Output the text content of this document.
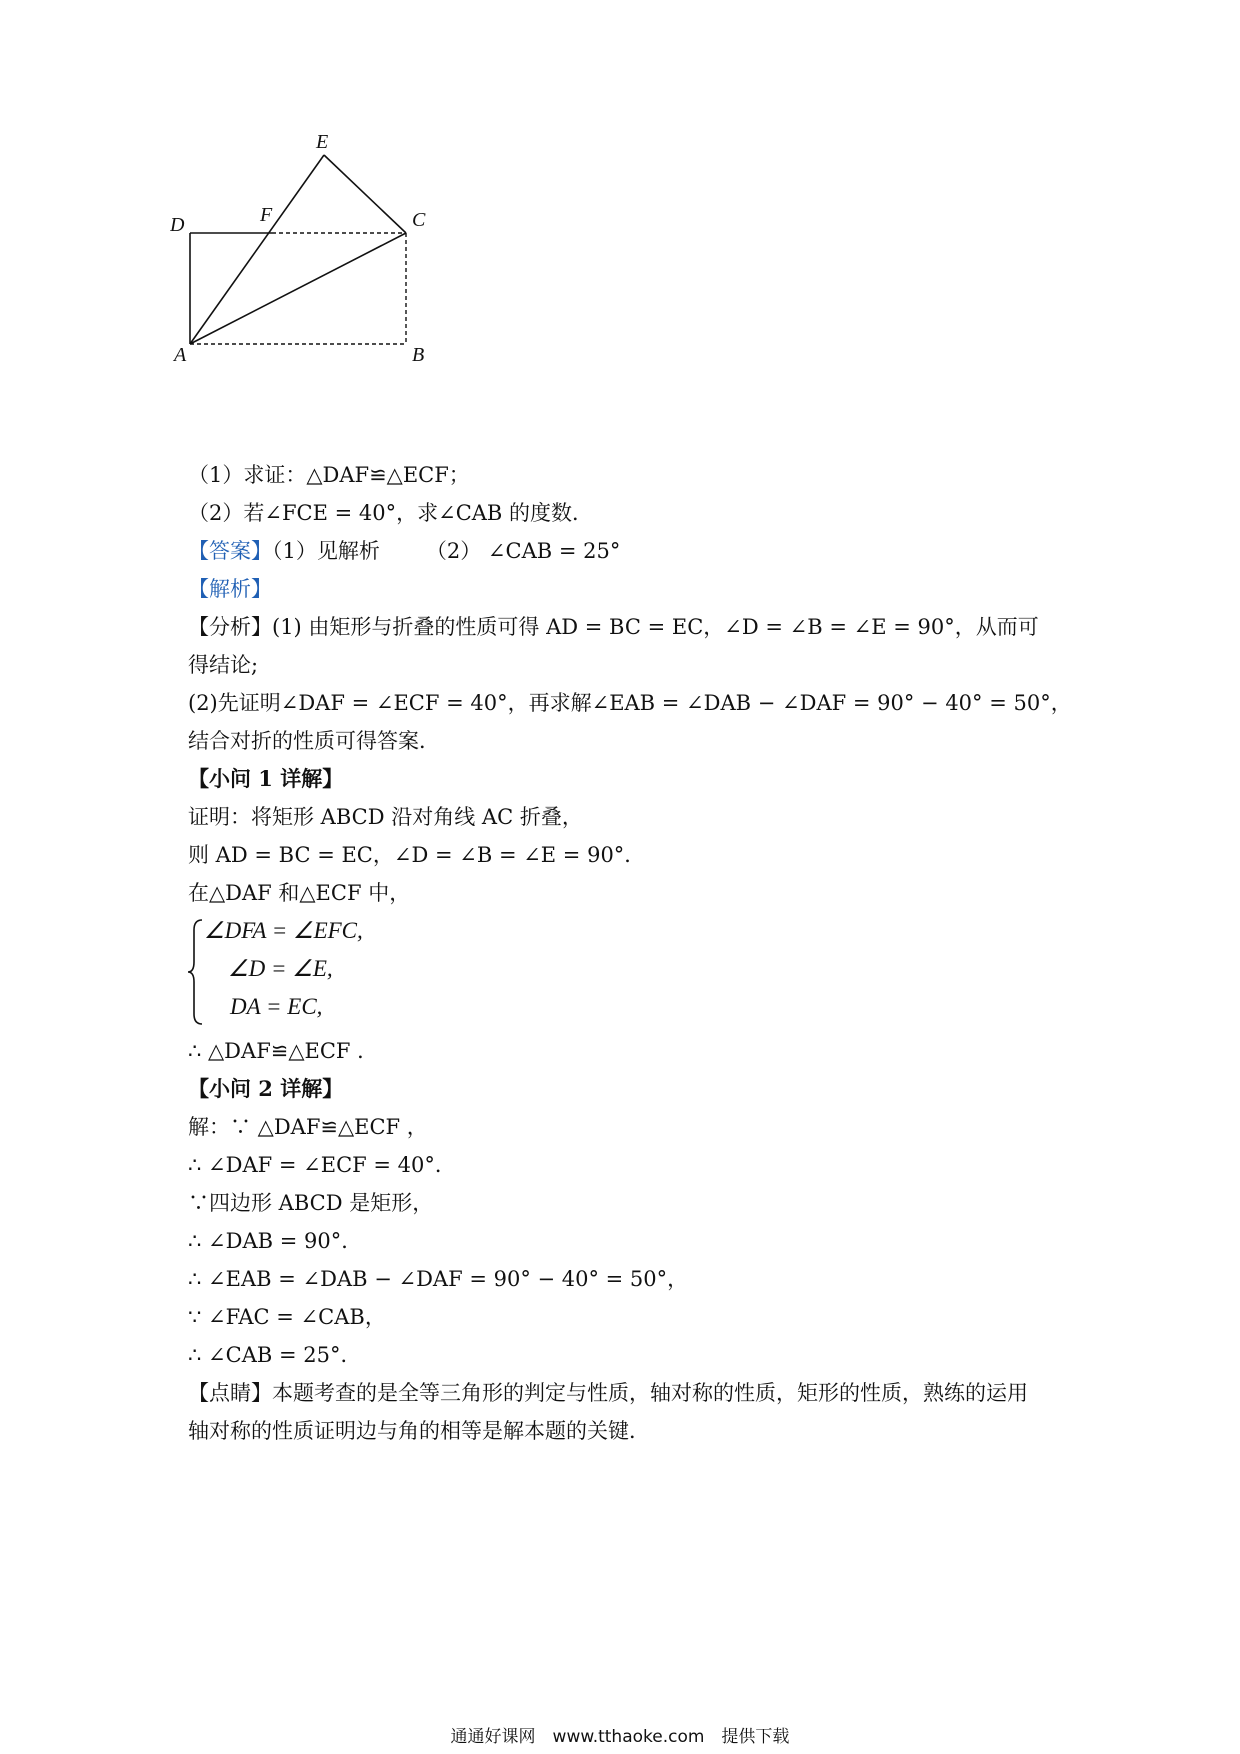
E
F
D	C
A	B
（1）求证：△DAF≌△ECF；
（2）若∠FCE = 40°，求∠CAB 的度数．
【答案】（1）见解析 （2） ∠CAB = 25°
【解析】
【分析】(1) 由矩形与折叠的性质可得 AD = BC = EC，∠D = ∠B = ∠E = 90°，从而可
得结论;
(2)先证明∠DAF = ∠ECF = 40°，再求解∠EAB = ∠DAB − ∠DAF = 90° − 40° = 50°，
结合对折的性质可得答案．
【小问 1 详解】
证明：将矩形 ABCD 沿对角线 AC 折叠，
则 AD = BC = EC，∠D = ∠B = ∠E = 90°．
在△DAF 和△ECF 中，
∠DFA = ∠EFC,
∠D = ∠E,
DA = EC,
∴ △DAF≌△ECF ．
【小问 2 详解】
解：∵ △DAF≌△ECF ，
∴ ∠DAF = ∠ECF = 40°．
∵四边形 ABCD 是矩形，
∴ ∠DAB = 90°．
∴ ∠EAB = ∠DAB − ∠DAF = 90° − 40° = 50°，
∵ ∠FAC = ∠CAB，
∴ ∠CAB = 25°．
【点睛】本题考查的是全等三角形的判定与性质，轴对称的性质，矩形的性质，熟练的运用
轴对称的性质证明边与角的相等是解本题的关键．
通通好课网　www.tthaoke.com　提供下载
